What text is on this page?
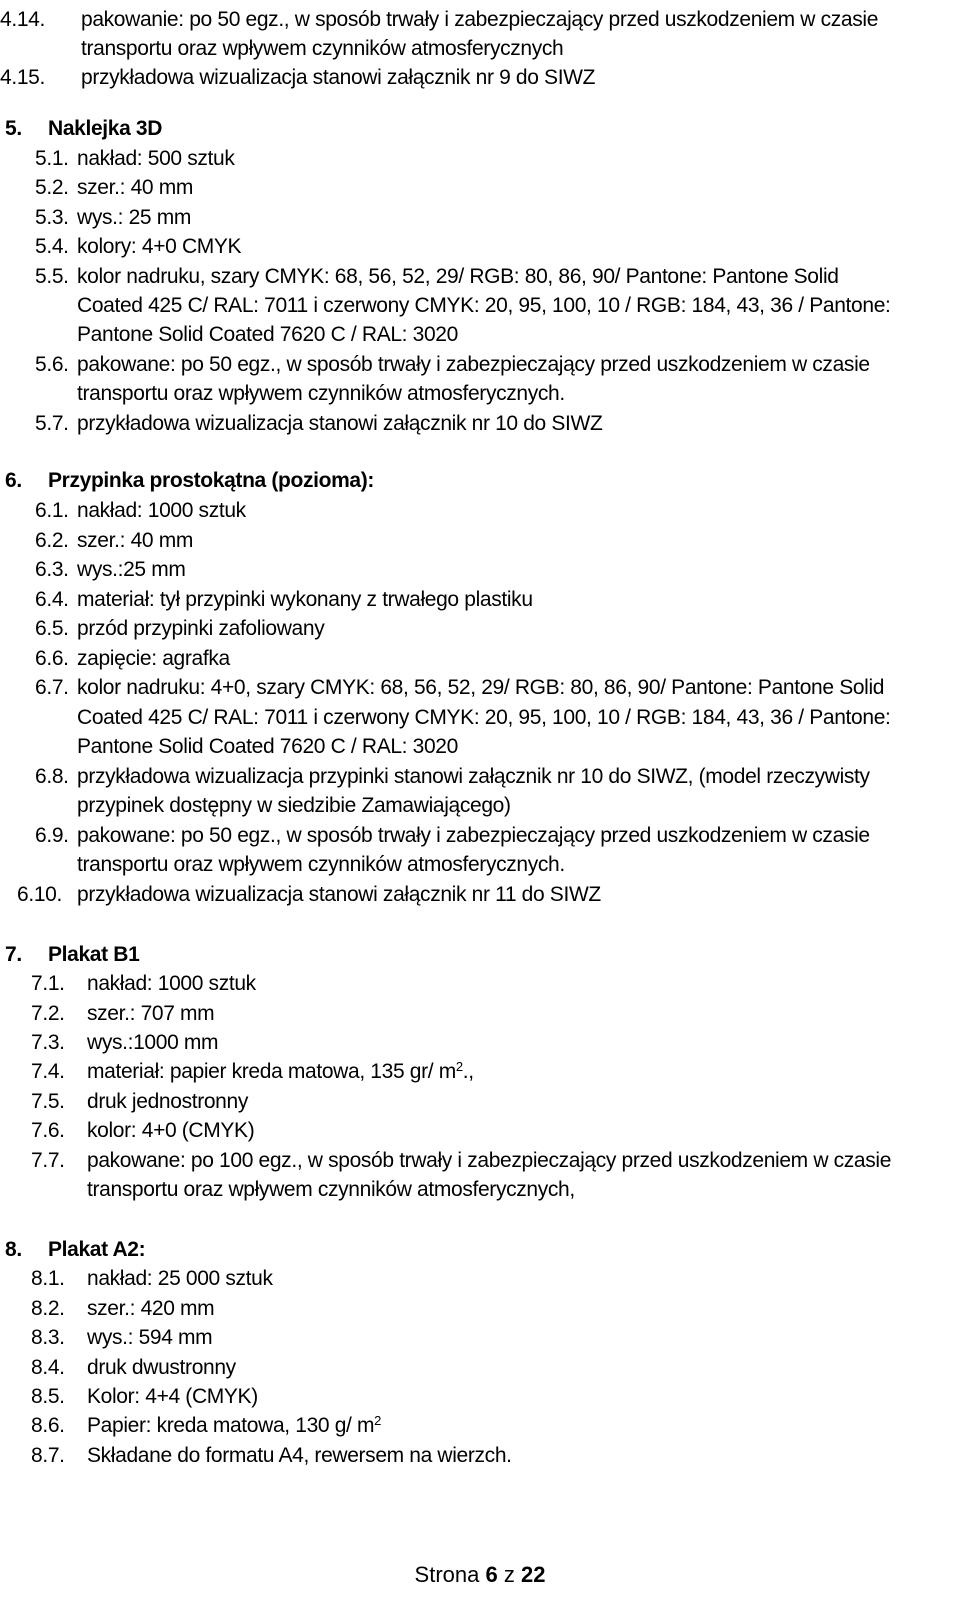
4.14. pakowanie: po 50 egz., w sposób trwały i zabezpieczający przed uszkodzeniem w czasie
transportu oraz wpływem czynników atmosferycznych
4.15. przykładowa wizualizacja stanowi załącznik nr 9 do SIWZ
5. Naklejka 3D
5.1. nakład: 500 sztuk
5.2. szer.: 40 mm
5.3. wys.: 25 mm
5.4. kolory: 4+0 CMYK
5.5. kolor nadruku, szary CMYK: 68, 56, 52, 29/ RGB: 80, 86, 90/ Pantone: Pantone Solid
Coated 425 C/ RAL: 7011 i czerwony CMYK: 20, 95, 100, 10 / RGB: 184, 43, 36 / Pantone:
Pantone Solid Coated 7620 C / RAL: 3020
5.6. pakowane: po 50 egz., w sposób trwały i zabezpieczający przed uszkodzeniem w czasie
transportu oraz wpływem czynników atmosferycznych.
5.7. przykładowa wizualizacja stanowi załącznik nr 10 do SIWZ
6. Przypinka prostokątna (pozioma):
6.1. nakład: 1000 sztuk
6.2. szer.: 40 mm
6.3. wys.:25 mm
6.4. materiał: tył przypinki wykonany z trwałego plastiku
6.5. przód przypinki zafoliowany
6.6. zapięcie: agrafka
6.7. kolor nadruku: 4+0, szary CMYK: 68, 56, 52, 29/ RGB: 80, 86, 90/ Pantone: Pantone Solid
Coated 425 C/ RAL: 7011 i czerwony CMYK: 20, 95, 100, 10 / RGB: 184, 43, 36 / Pantone:
Pantone Solid Coated 7620 C / RAL: 3020
6.8. przykładowa wizualizacja przypinki stanowi załącznik nr 10 do SIWZ, (model rzeczywisty
przypinek dostępny w siedzibie Zamawiającego)
6.9. pakowane: po 50 egz., w sposób trwały i zabezpieczający przed uszkodzeniem w czasie
transportu oraz wpływem czynników atmosferycznych.
6.10. przykładowa wizualizacja stanowi załącznik nr 11 do SIWZ
7. Plakat B1
7.1. nakład: 1000 sztuk
7.2. szer.: 707 mm
7.3. wys.:1000 mm
7.4. materiał: papier kreda matowa, 135 gr/ $m^2$.,
7.5. druk jednostronny
7.6. kolor: 4+0 (CMYK)
7.7. pakowane: po 100 egz., w sposób trwały i zabezpieczający przed uszkodzeniem w czasie
transportu oraz wpływem czynników atmosferycznych,
8. Plakat A2:
8.1. nakład: 25 000 sztuk
8.2. szer.: 420 mm
8.3. wys.: 594 mm
8.4. druk dwustronny
8.5. Kolor: 4+4 (CMYK)
8.6. Papier: kreda matowa, 130 g/ $m^2$
8.7. Składane do formatu A4, rewersem na wierzch.
Strona 6 z 22
